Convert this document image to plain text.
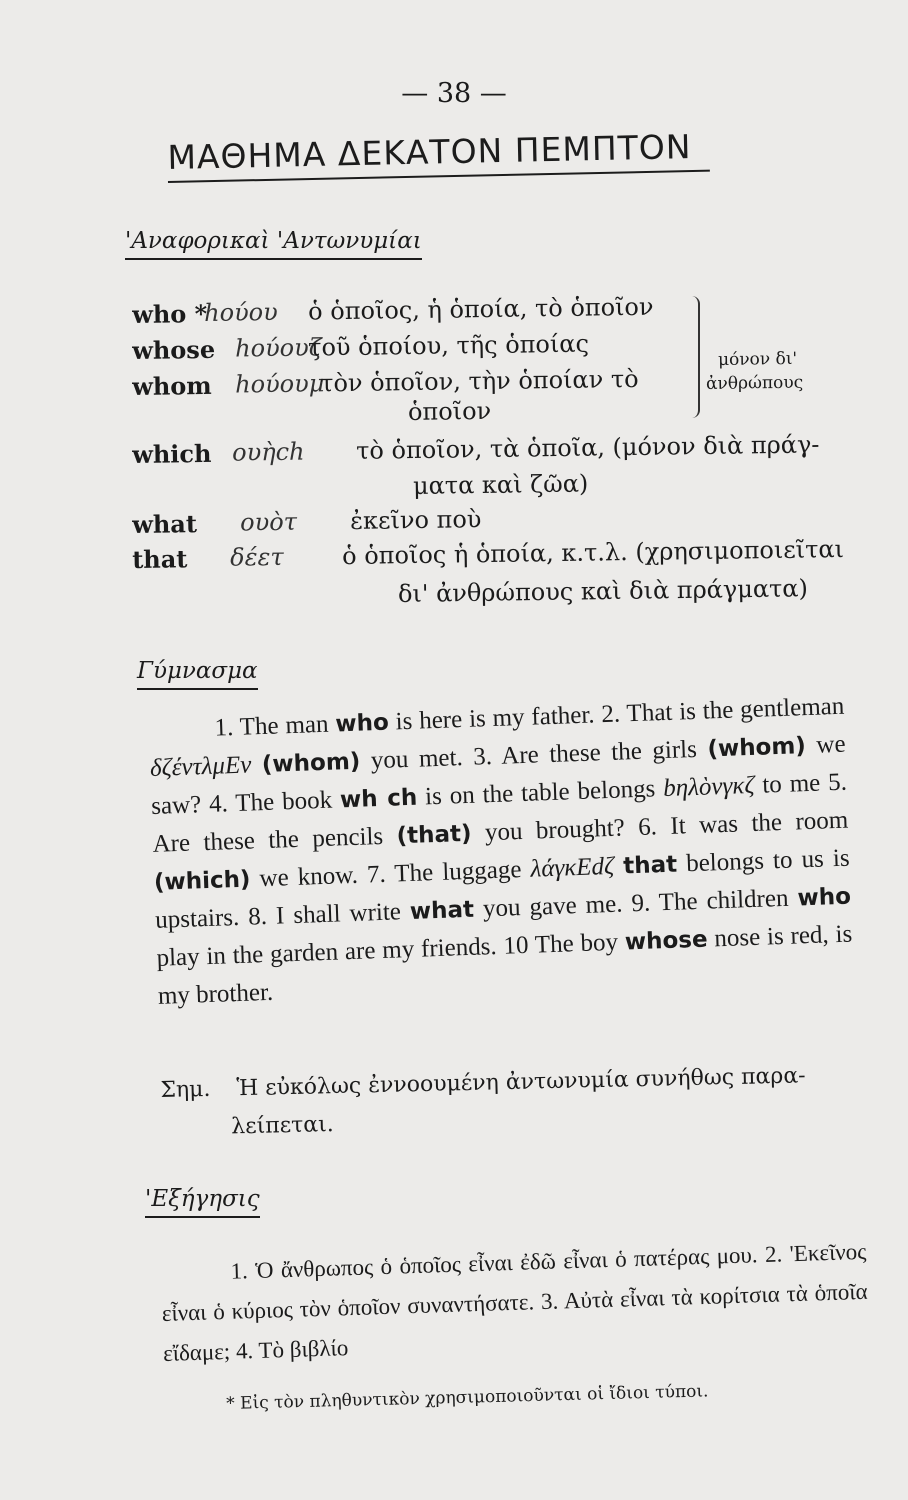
— 38 —
ΜΑΘΗΜΑ ΔΕΚΑΤΟΝ ΠΕΜΠΤΟΝ
'Αναφορικαὶ 'Αντωνυμίαι
who *
hούου ὁ ὁποῖος, ἡ ὁποία, τὸ ὁποῖον
whose hούουζ
τοῦ ὁποίου, τῆς ὁποίας
whom hούουμ
τὸν ὁποῖον, τὴν ὁποίαν τὸ
ὁποῖον
μόνον δι'
ἀνθρώπους
which ουὴch τὸ ὁποῖον, τὰ ὁποῖα, (μόνον διὰ πράγ-
ματα καὶ ζῶα)
what ουὸτ ἐκεῖνο ποὺ
that δέετ ὁ ὁποῖος ἡ ὁποία, κ.τ.λ. (χρησιμοποιεῖται
δι' ἀνθρώπους καὶ διὰ πράγματα)
Γύμνασμα
1. The man who is here is my father. 2. That is the gentleman δζέντλμΕν (whom) you met. 3. Are these the girls (whom) we saw? 4. The book wh ch is on the table belongs bηλὸνγκζ to me 5. Are these the pencils (that) you brought? 6. It was the room (which) we know. 7. The luggage λάγκΕdζ that belongs to us is upstairs. 8. I shall write what you gave me. 9. The children who play in the garden are my friends. 10 The boy whose nose is red, is my brother.
Σημ. Ἡ εὐκόλως ἐννοουμένη ἀντωνυμία συνήθως παρα-
λείπεται.
'Εξήγησις
1. Ὁ ἄνθρωπος ὁ ὁποῖος εἶναι ἐδῶ εἶναι ὁ πατέρας μου. 2. 'Εκεῖνος εἶναι ὁ κύριος τὸν ὁποῖον συναντήσατε. 3. Αὐτὰ εἶναι τὰ κορίτσια τὰ ὁποῖα εἴδαμε; 4. Τὸ βιβλίο
* Εἰς τὸν πληθυντικὸν χρησιμοποιοῦνται οἱ ἴδιοι τύποι.
